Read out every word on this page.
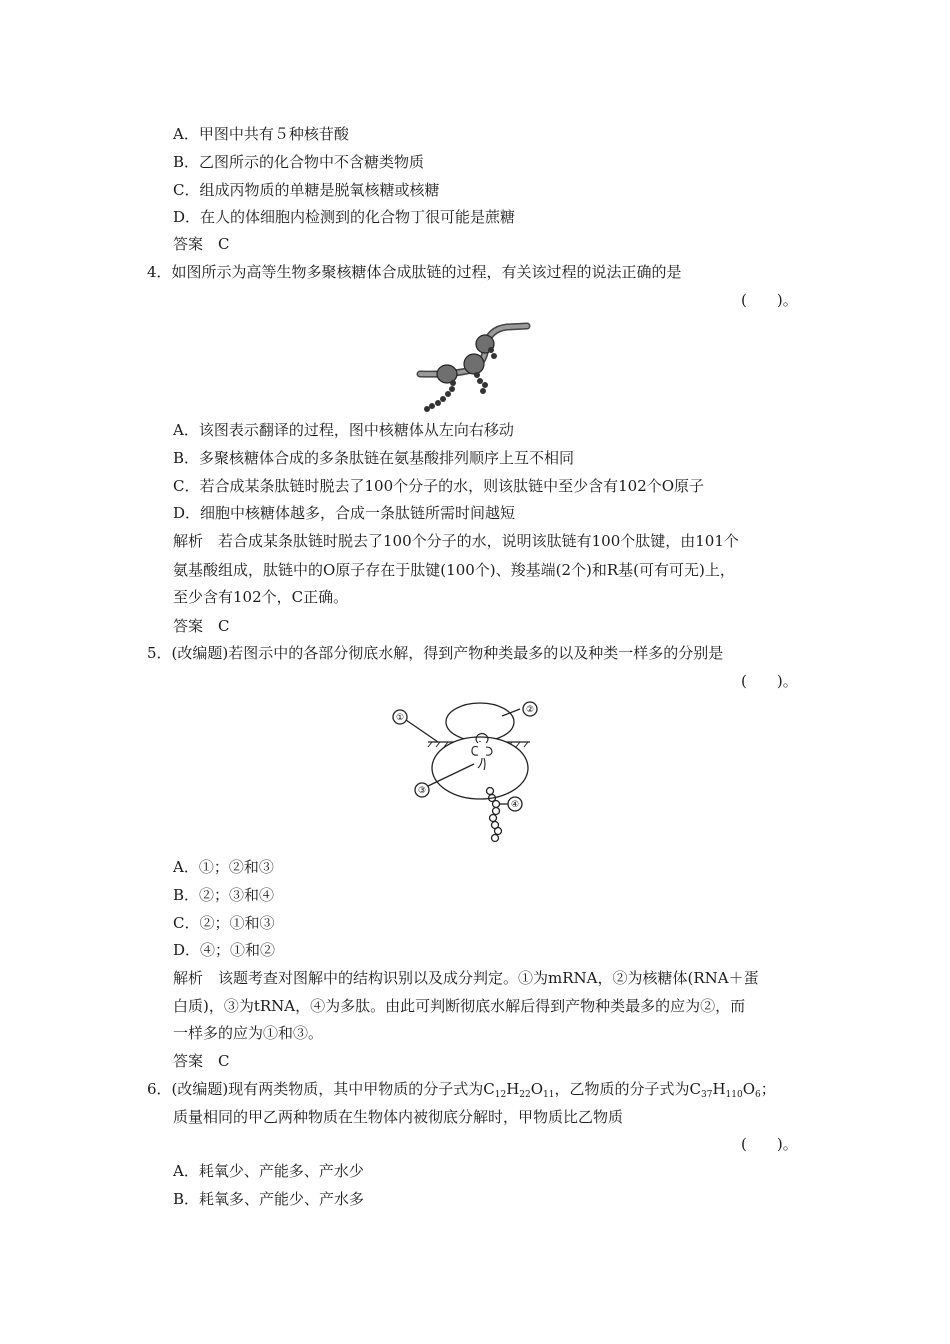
A．甲图中共有５种核苷酸
B．乙图所示的化合物中不含糖类物质
C．组成丙物质的单糖是脱氧核糖或核糖
D．在人的体细胞内检测到的化合物丁很可能是蔗糖
答案　C
4．如图所示为高等生物多聚核糖体合成肽链的过程，有关该过程的说法正确的是
(　　)。
A．该图表示翻译的过程，图中核糖体从左向右移动
B．多聚核糖体合成的多条肽链在氨基酸排列顺序上互不相同
C．若合成某条肽链时脱去了100个分子的水，则该肽链中至少含有102个O原子
D．细胞中核糖体越多，合成一条肽链所需时间越短
解析　若合成某条肽链时脱去了100个分子的水，说明该肽链有100个肽键，由101个
氨基酸组成，肽链中的O原子存在于肽键(100个)、羧基端(2个)和R基(可有可无)上，
至少含有102个，C正确。
答案　C
5．(改编题)若图示中的各部分彻底水解，得到产物种类最多的以及种类一样多的分别是
(　　)。
①
②
③
④
A．①；②和③
B．②；③和④
C．②；①和③
D．④；①和②
解析　该题考查对图解中的结构识别以及成分判定。①为mRNA，②为核糖体(RNA＋蛋
白质)，③为tRNA，④为多肽。由此可判断彻底水解后得到产物种类最多的应为②，而
一样多的应为①和③。
答案　C
6．(改编题)现有两类物质，其中甲物质的分子式为$C_{12}H_{22}O_{11}$，乙物质的分子式为$C_{37}H_{110}O_6$；
质量相同的甲乙两种物质在生物体内被彻底分解时，甲物质比乙物质
(　　)。
A．耗氧少、产能多、产水少
B．耗氧多、产能少、产水多
